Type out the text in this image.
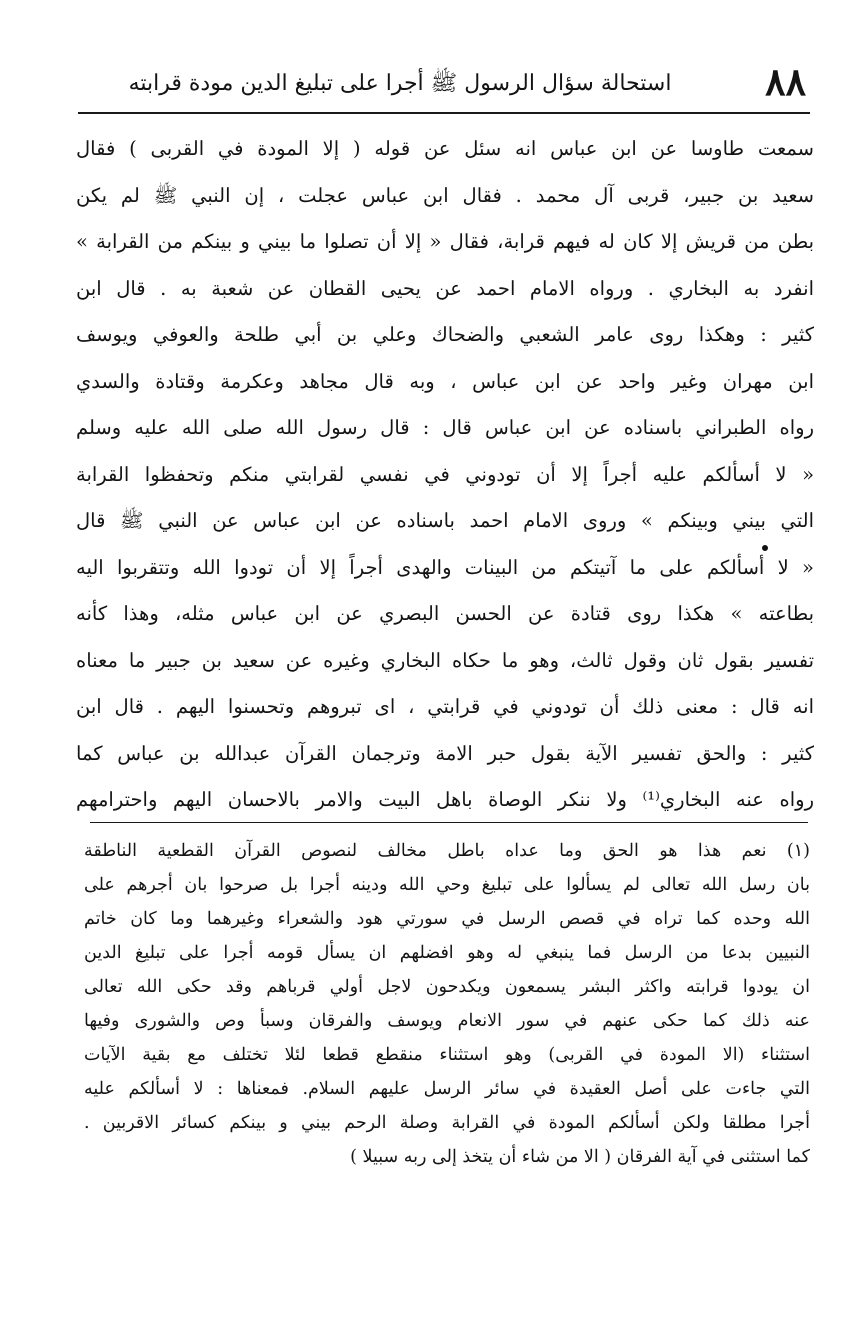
٨٨
استحالة سؤال الرسول ﷺ أجرا على تبليغ الدين مودة قرابته
سمعت طاوسا عن ابن عباس انه سئل عن قوله ( إلا المودة في القربى ) فقال
سعيد بن جبير، قربى آل محمد . فقال ابن عباس عجلت ، إن النبي ﷺ لم يكن
بطن من قريش إلا كان له فيهم قرابة، فقال « إلا أن تصلوا ما بيني و بينكم من القرابة »
انفرد به البخاري . ورواه الامام احمد عن يحيى القطان عن شعبة به . قال ابن
كثير : وهكذا روى عامر الشعبي والضحاك وعلي بن أبي طلحة والعوفي ويوسف
ابن مهران وغير واحد عن ابن عباس ، وبه قال مجاهد وعكرمة وقتادة والسدي
رواه الطبراني باسناده عن ابن عباس قال : قال رسول الله صلى الله عليه وسلم
« لا أسألكم عليه أجراً إلا أن تودوني في نفسي لقرابتي منكم وتحفظوا القرابة
التي بيني وبينكم » وروى الامام احمد باسناده عن ابن عباس عن النبي ﷺ قال
« لا أسألكم على ما آتيتكم من البينات والهدى أجراً إلا أن تودوا الله وتتقربوا اليه
بطاعته » هكذا روى قتادة عن الحسن البصري عن ابن عباس مثله، وهذا كأنه
تفسير بقول ثان وقول ثالث، وهو ما حكاه البخاري وغيره عن سعيد بن جبير ما معناه
انه قال : معنى ذلك أن تودوني في قرابتي ، اى تبروهم وتحسنوا اليهم . قال ابن
كثير : والحق تفسير الآية بقول حبر الامة وترجمان القرآن عبدالله بن عباس كما
رواه عنه البخاري⁽¹⁾ ولا ننكر الوصاة باهل البيت والامر بالاحسان اليهم واحترامهم
(١) نعم هذا هو الحق وما عداه باطل مخالف لنصوص القرآن القطعية الناطقة
بان رسل الله تعالى لم يسألوا على تبليغ وحي الله ودينه أجرا بل صرحوا بان أجرهم على
الله وحده كما تراه في قصص الرسل في سورتي هود والشعراء وغيرهما وما كان خاتم
النبيين بدعا من الرسل فما ينبغي له وهو افضلهم ان يسأل قومه أجرا على تبليغ الدين
ان يودوا قرابته واكثر البشر يسمعون ويكدحون لاجل أولي قرباهم وقد حكى الله تعالى
عنه ذلك كما حكى عنهم في سور الانعام ويوسف والفرقان وسبأ وص والشورى وفيها
استثناء (الا المودة في القربى) وهو استثناء منقطع قطعا لئلا تختلف مع بقية الآيات
التي جاءت على أصل العقيدة في سائر الرسل عليهم السلام. فمعناها : لا أسألكم عليه
أجرا مطلقا ولكن أسألكم المودة في القرابة وصلة الرحم بيني و بينكم كسائر الاقربين .
كما استثنى في آية الفرقان ( الا من شاء أن يتخذ إلى ربه سبيلا )
